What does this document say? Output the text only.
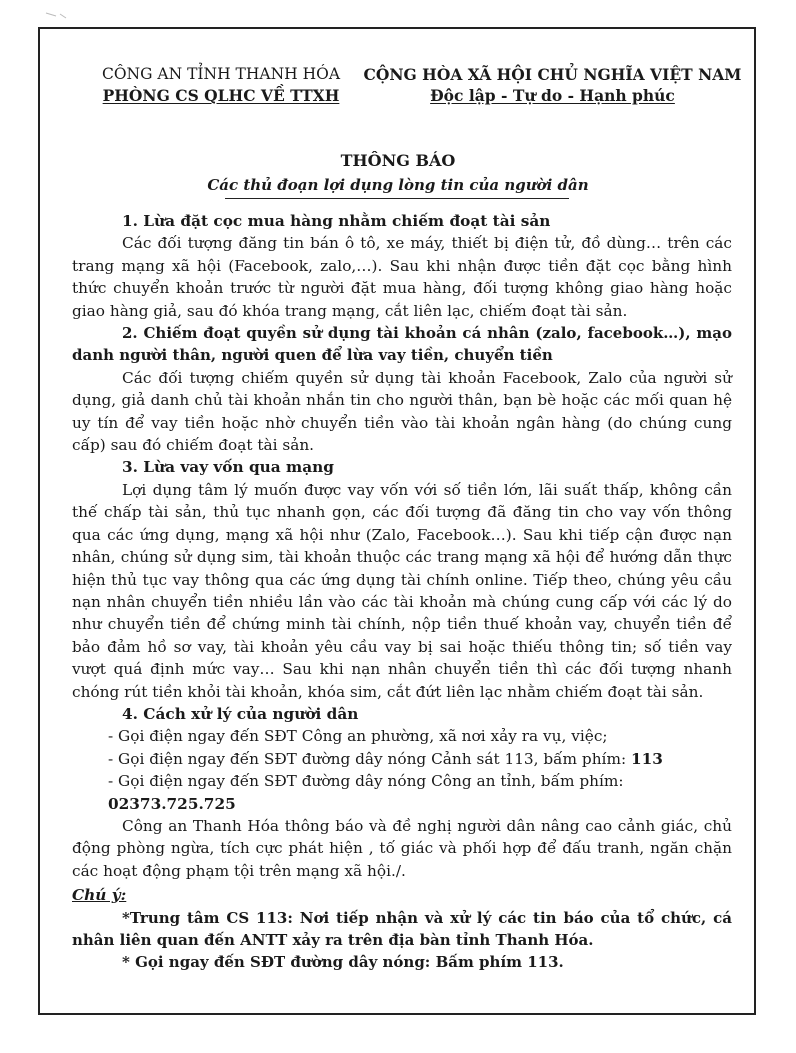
CÔNG AN TỈNH THANH HÓA
PHÒNG CS QLHC VỀ TTXH
CỘNG HÒA XÃ HỘI CHỦ NGHĨA VIỆT NAM
Độc lập - Tự do - Hạnh phúc
THÔNG BÁO
Các thủ đoạn lợi dụng lòng tin của người dân

1. Lừa đặt cọc mua hàng nhằm chiếm đoạt tài sản

Các đối tượng đăng tin bán ô tô, xe máy, thiết bị điện tử, đồ dùng… trên các trang mạng xã hội (Facebook, zalo,…). Sau khi nhận được tiền đặt cọc bằng hình thức chuyển khoản trước từ người đặt mua hàng, đối tượng không giao hàng hoặc giao hàng giả, sau đó khóa trang mạng, cắt liên lạc, chiếm đoạt tài sản.

2. Chiếm đoạt quyền sử dụng tài khoản cá nhân (zalo, facebook…), mạo danh người thân, người quen để lừa vay tiền, chuyển tiền

Các đối tượng chiếm quyền sử dụng tài khoản Facebook, Zalo của người sử dụng, giả danh chủ tài khoản nhắn tin cho người thân, bạn bè hoặc các mối quan hệ uy tín để vay tiền hoặc nhờ chuyển tiền vào tài khoản ngân hàng (do chúng cung cấp) sau đó chiếm đoạt tài sản.

3. Lừa vay vốn qua mạng

Lợi dụng tâm lý muốn được vay vốn với số tiền lớn, lãi suất thấp, không cần thế chấp tài sản, thủ tục nhanh gọn, các đối tượng đã đăng tin cho vay vốn thông qua các ứng dụng, mạng xã hội như (Zalo, Facebook…). Sau khi tiếp cận được nạn nhân, chúng sử dụng sim, tài khoản thuộc các trang mạng xã hội để hướng dẫn thực hiện thủ tục vay thông qua các ứng dụng tài chính online. Tiếp theo, chúng yêu cầu nạn nhân chuyển tiền nhiều lần vào các tài khoản mà chúng cung cấp với các lý do như chuyển tiền để chứng minh tài chính, nộp tiền thuế khoản vay, chuyển tiền để bảo đảm hồ sơ vay, tài khoản yêu cầu vay bị sai hoặc thiếu thông tin; số tiền vay vượt quá định mức vay… Sau khi nạn nhân chuyển tiền thì các đối tượng nhanh chóng rút tiền khỏi tài khoản, khóa sim, cắt đứt liên lạc nhằm chiếm đoạt tài sản.

4. Cách xử lý của người dân

- Gọi điện ngay đến SĐT Công an phường, xã nơi xảy ra vụ, việc;

- Gọi điện ngay đến SĐT đường dây nóng Cảnh sát 113, bấm phím: 113

- Gọi điện ngay đến SĐT đường dây nóng Công an tỉnh, bấm phím: 02373.725.725

Công an Thanh Hóa thông báo và đề nghị người dân nâng cao cảnh giác, chủ động phòng ngừa, tích cực phát hiện , tố giác và phối hợp để đấu tranh, ngăn chặn các hoạt động phạm tội trên mạng xã hội./.

Chú ý:

*Trung tâm CS 113: Nơi tiếp nhận và xử lý các tin báo của tổ chức, cá nhân liên quan đến ANTT xảy ra trên địa bàn tỉnh Thanh Hóa.

* Gọi ngay đến SĐT đường dây nóng: Bấm phím 113.
